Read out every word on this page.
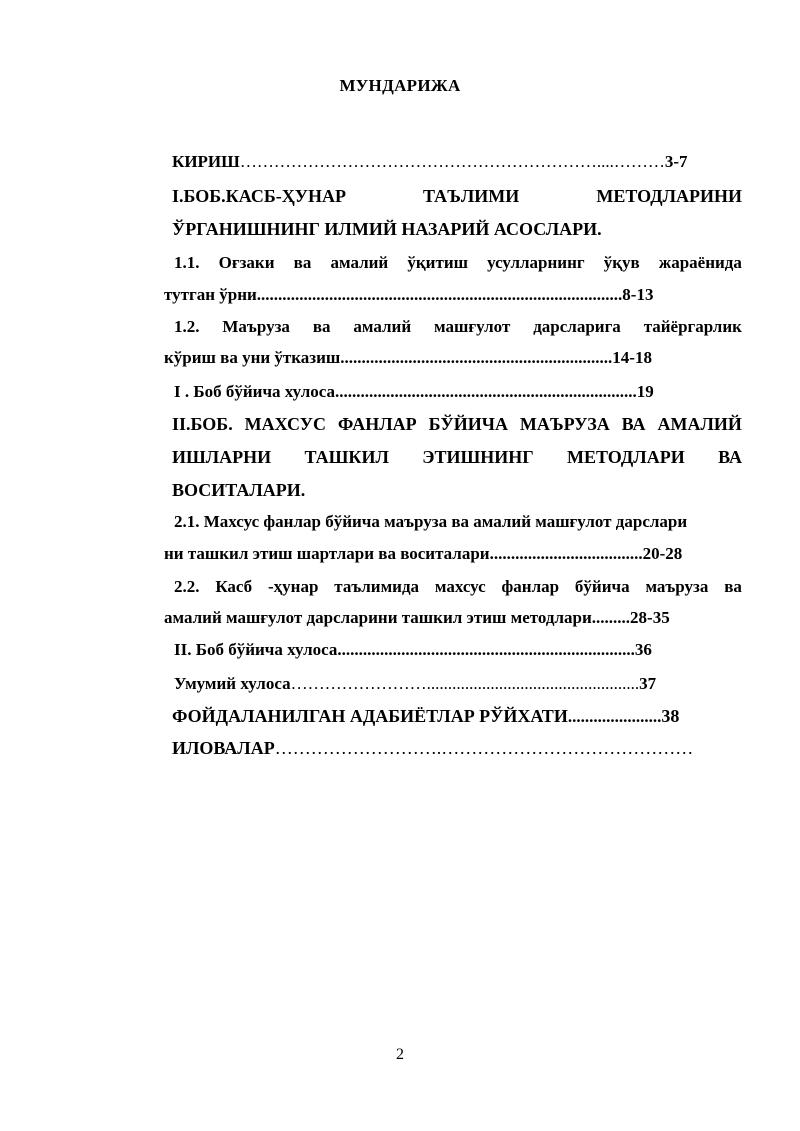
МУНДАРИЖА
КИРИШ………………………………………………………....………3-7
I.БОБ.КАСБ-ҲУНАР	ТАЪЛИМИ	МЕТОДЛАРИНИ
ЎРГАНИШНИНГ ИЛМИЙ НАЗАРИЙ АСОСЛАРИ.
1.1. Оғзаки ва амалий ўқитиш усулларнинг ўқув жараёнида
тутган ўрни......................................................................................8-13
1.2. Маъруза ва амалий машғулот дарсларига тайёргарлик
кўриш ва уни ўтказиш................................................................14-18
I . Боб бўйича хулоса.......................................................................19
II.БОБ. МАХСУС ФАНЛАР БЎЙИЧА МАЪРУЗА ВА АМАЛИЙ
ИШЛАРНИ ТАШКИЛ ЭТИШНИНГ МЕТОДЛАРИ ВА
ВОСИТАЛАРИ.
2.1. Махсус фанлар бўйича маъруза ва амалий машғулот дарслари
ни ташкил этиш шартлари ва воситалари....................................20-28
2.2. Касб -ҳунар таълимида махсус фанлар бўйича маъруза ва
амалий машғулот дарсларини ташкил этиш методлари.........28-35
II. Боб бўйича хулоса......................................................................36
Умумий хулоса……………………..................................................37
ФОЙДАЛАНИЛГАН АДАБИЁТЛАР РЎЙХАТИ......................38
ИЛОВАЛАР……………………….……………………………………
2
